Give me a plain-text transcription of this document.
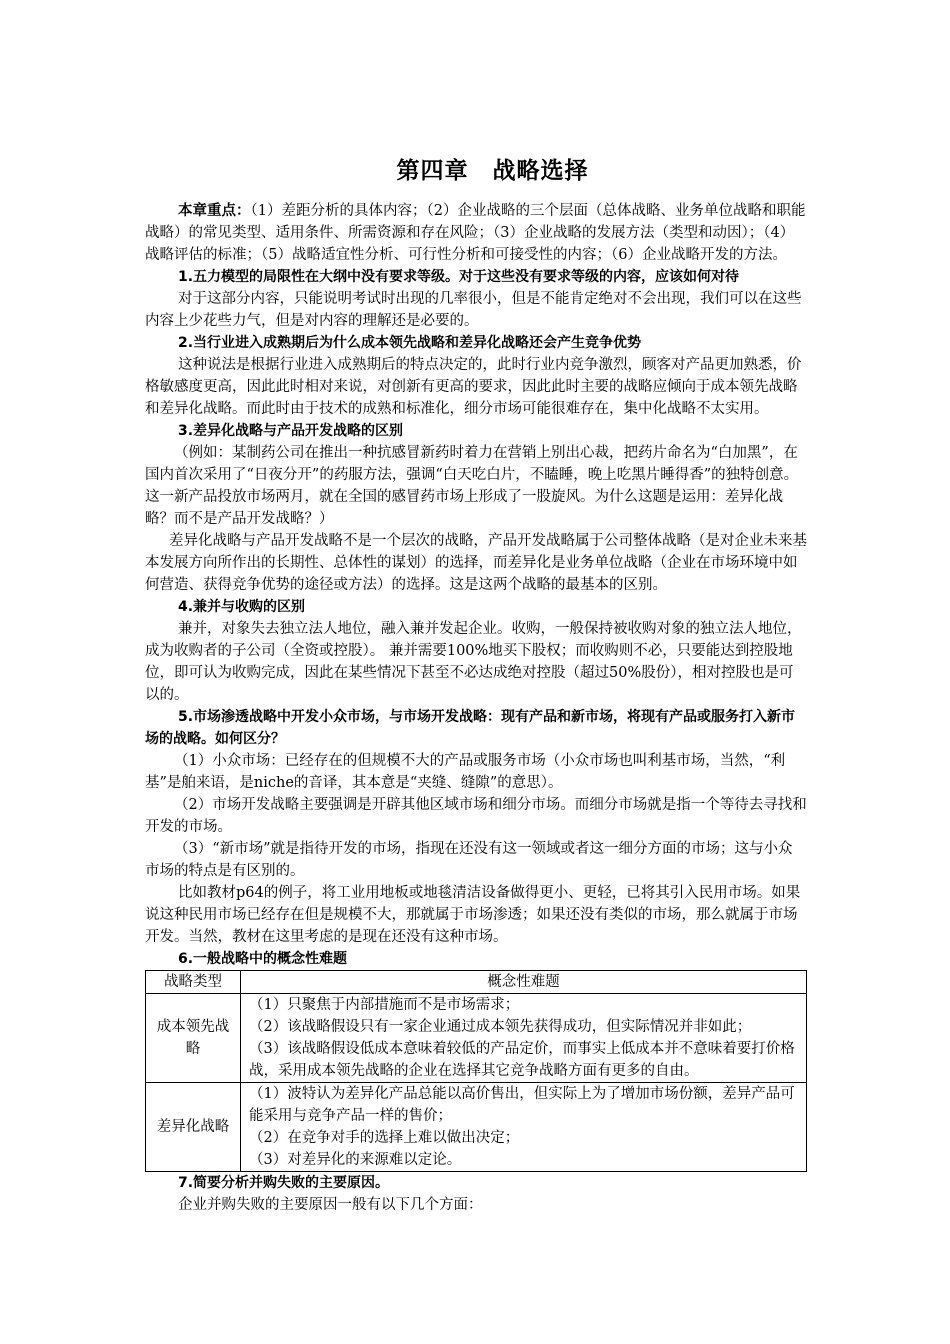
第四章　战略选择

本章重点：（1）差距分析的具体内容；（2）企业战略的三个层面（总体战略、业务单位战略和职能战略）的常见类型、适用条件、所需资源和存在风险；（3）企业战略的发展方法（类型和动因）；（4）战略评估的标准；（5）战略适宜性分析、可行性分析和可接受性的内容；（6）企业战略开发的方法。

1.五力模型的局限性在大纲中没有要求等级。对于这些没有要求等级的内容，应该如何对待

对于这部分内容，只能说明考试时出现的几率很小，但是不能肯定绝对不会出现，我们可以在这些内容上少花些力气，但是对内容的理解还是必要的。

2.当行业进入成熟期后为什么成本领先战略和差异化战略还会产生竞争优势

这种说法是根据行业进入成熟期后的特点决定的，此时行业内竞争激烈，顾客对产品更加熟悉，价格敏感度更高，因此此时相对来说，对创新有更高的要求，因此此时主要的战略应倾向于成本领先战略和差异化战略。而此时由于技术的成熟和标准化，细分市场可能很难存在，集中化战略不太实用。

3.差异化战略与产品开发战略的区别

（例如：某制药公司在推出一种抗感冒新药时着力在营销上别出心裁，把药片命名为“白加黑”，在国内首次采用了“日夜分开”的药服方法，强调“白天吃白片，不瞌睡，晚上吃黑片睡得香”的独特创意。这一新产品投放市场两月，就在全国的感冒药市场上形成了一股旋风。为什么这题是运用：差异化战略？而不是产品开发战略？）

差异化战略与产品开发战略不是一个层次的战略，产品开发战略属于公司整体战略（是对企业未来基本发展方向所作出的长期性、总体性的谋划）的选择，而差异化是业务单位战略（企业在市场环境中如何营造、获得竞争优势的途径或方法）的选择。这是这两个战略的最基本的区别。

4.兼并与收购的区别

兼并，对象失去独立法人地位，融入兼并发起企业。收购，一般保持被收购对象的独立法人地位，成为收购者的子公司（全资或控股）。 兼并需要100%地买下股权；而收购则不必，只要能达到控股地位，即可认为收购完成，因此在某些情况下甚至不必达成绝对控股（超过50%股份），相对控股也是可以的。

5.市场渗透战略中开发小众市场，与市场开发战略：现有产品和新市场，将现有产品或服务打入新市场的战略。如何区分？

（1）小众市场：已经存在的但规模不大的产品或服务市场（小众市场也叫利基市场，当然，“利基”是舶来语，是niche的音译，其本意是“夹缝、缝隙”的意思）。

（2）市场开发战略主要强调是开辟其他区域市场和细分市场。而细分市场就是指一个等待去寻找和开发的市场。

（3）“新市场”就是指待开发的市场，指现在还没有这一领域或者这一细分方面的市场；这与小众市场的特点是有区别的。

比如教材p64的例子，将工业用地板或地毯清洁设备做得更小、更轻，已将其引入民用市场。如果说这种民用市场已经存在但是规模不大，那就属于市场渗透；如果还没有类似的市场，那么就属于市场开发。当然，教材在这里考虑的是现在还没有这种市场。

6.一般战略中的概念性难题

战略类型	概念性难题
成本领先战略	（1）只聚焦于内部措施而不是市场需求；
（2）该战略假设只有一家企业通过成本领先获得成功，但实际情况并非如此；
（3）该战略假设低成本意味着较低的产品定价，而事实上低成本并不意味着要打价格战，采用成本领先战略的企业在选择其它竞争战略方面有更多的自由。

差异化战略	（1）波特认为差异化产品总能以高价售出，但实际上为了增加市场份额，差异产品可能采用与竞争产品一样的售价；
（2）在竞争对手的选择上难以做出决定；
（3）对差异化的来源难以定论。

7.简要分析并购失败的主要原因。

企业并购失败的主要原因一般有以下几个方面：
